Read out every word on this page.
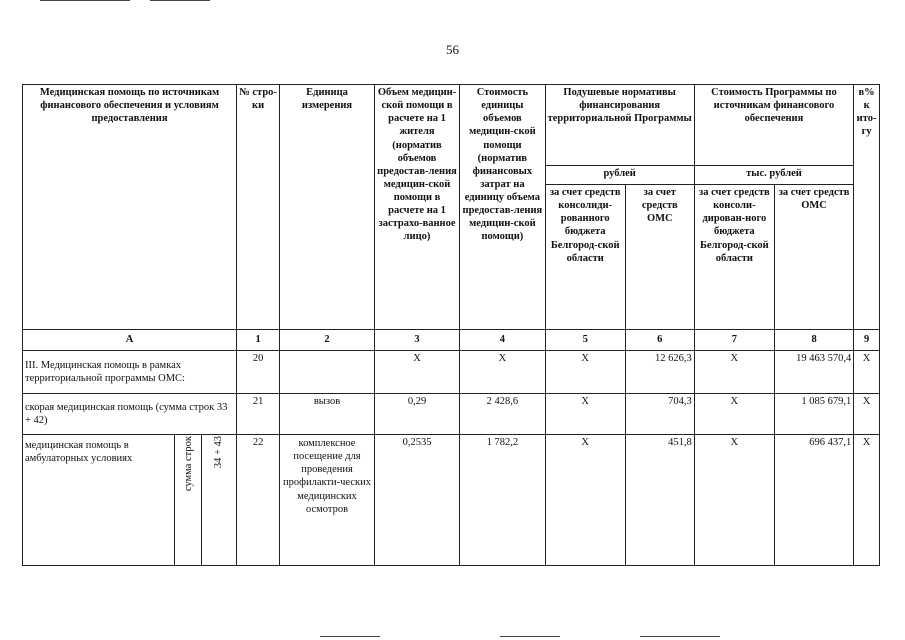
56
Медицинская помощь по источникам финансового обеспечения и условиям предоставления			№ стро-ки	Единица измерения	Объем медицин-ской помощи в расчете на 1 жителя (норматив объемов предостав-ления медицин-ской помощи в расчете на 1 застрахо-ванное лицо)	Стоимость единицы объемов медицин-ской помощи (норматив финансовых затрат на единицу объема предостав-ления медицин-ской помощи)	Подушевые нормативы финансирования территориальной Программы		Стоимость Программы по источникам финансового обеспечения		в% к ито-гу
							рублей		тыс. рублей		
							за счет средств консолиди-рованного бюджета Белгород-ской области	за счет средств ОМС	за счет средств консоли-дирован-ного бюджета Белгород-ской области	за счет средств ОМС	
А			1	2	3	4	5	6	7	8	9
III. Медицинская помощь в рамках территориальной программы ОМС:			20		Х	Х	Х	12 626,3	Х	19 463 570,4	Х
скорая медицинская помощь (сумма строк 33 + 42)			21	вызов	0,29	2 428,6	Х	704,3	Х	1 085 679,1	Х
медицинская помощь в амбулаторных условиях	сумма строк	34 + 43	22	комплексное посещение для проведения профилакти-ческих медицинских осмотров	0,2535	1 782,2	Х	451,8	Х	696 437,1	Х
